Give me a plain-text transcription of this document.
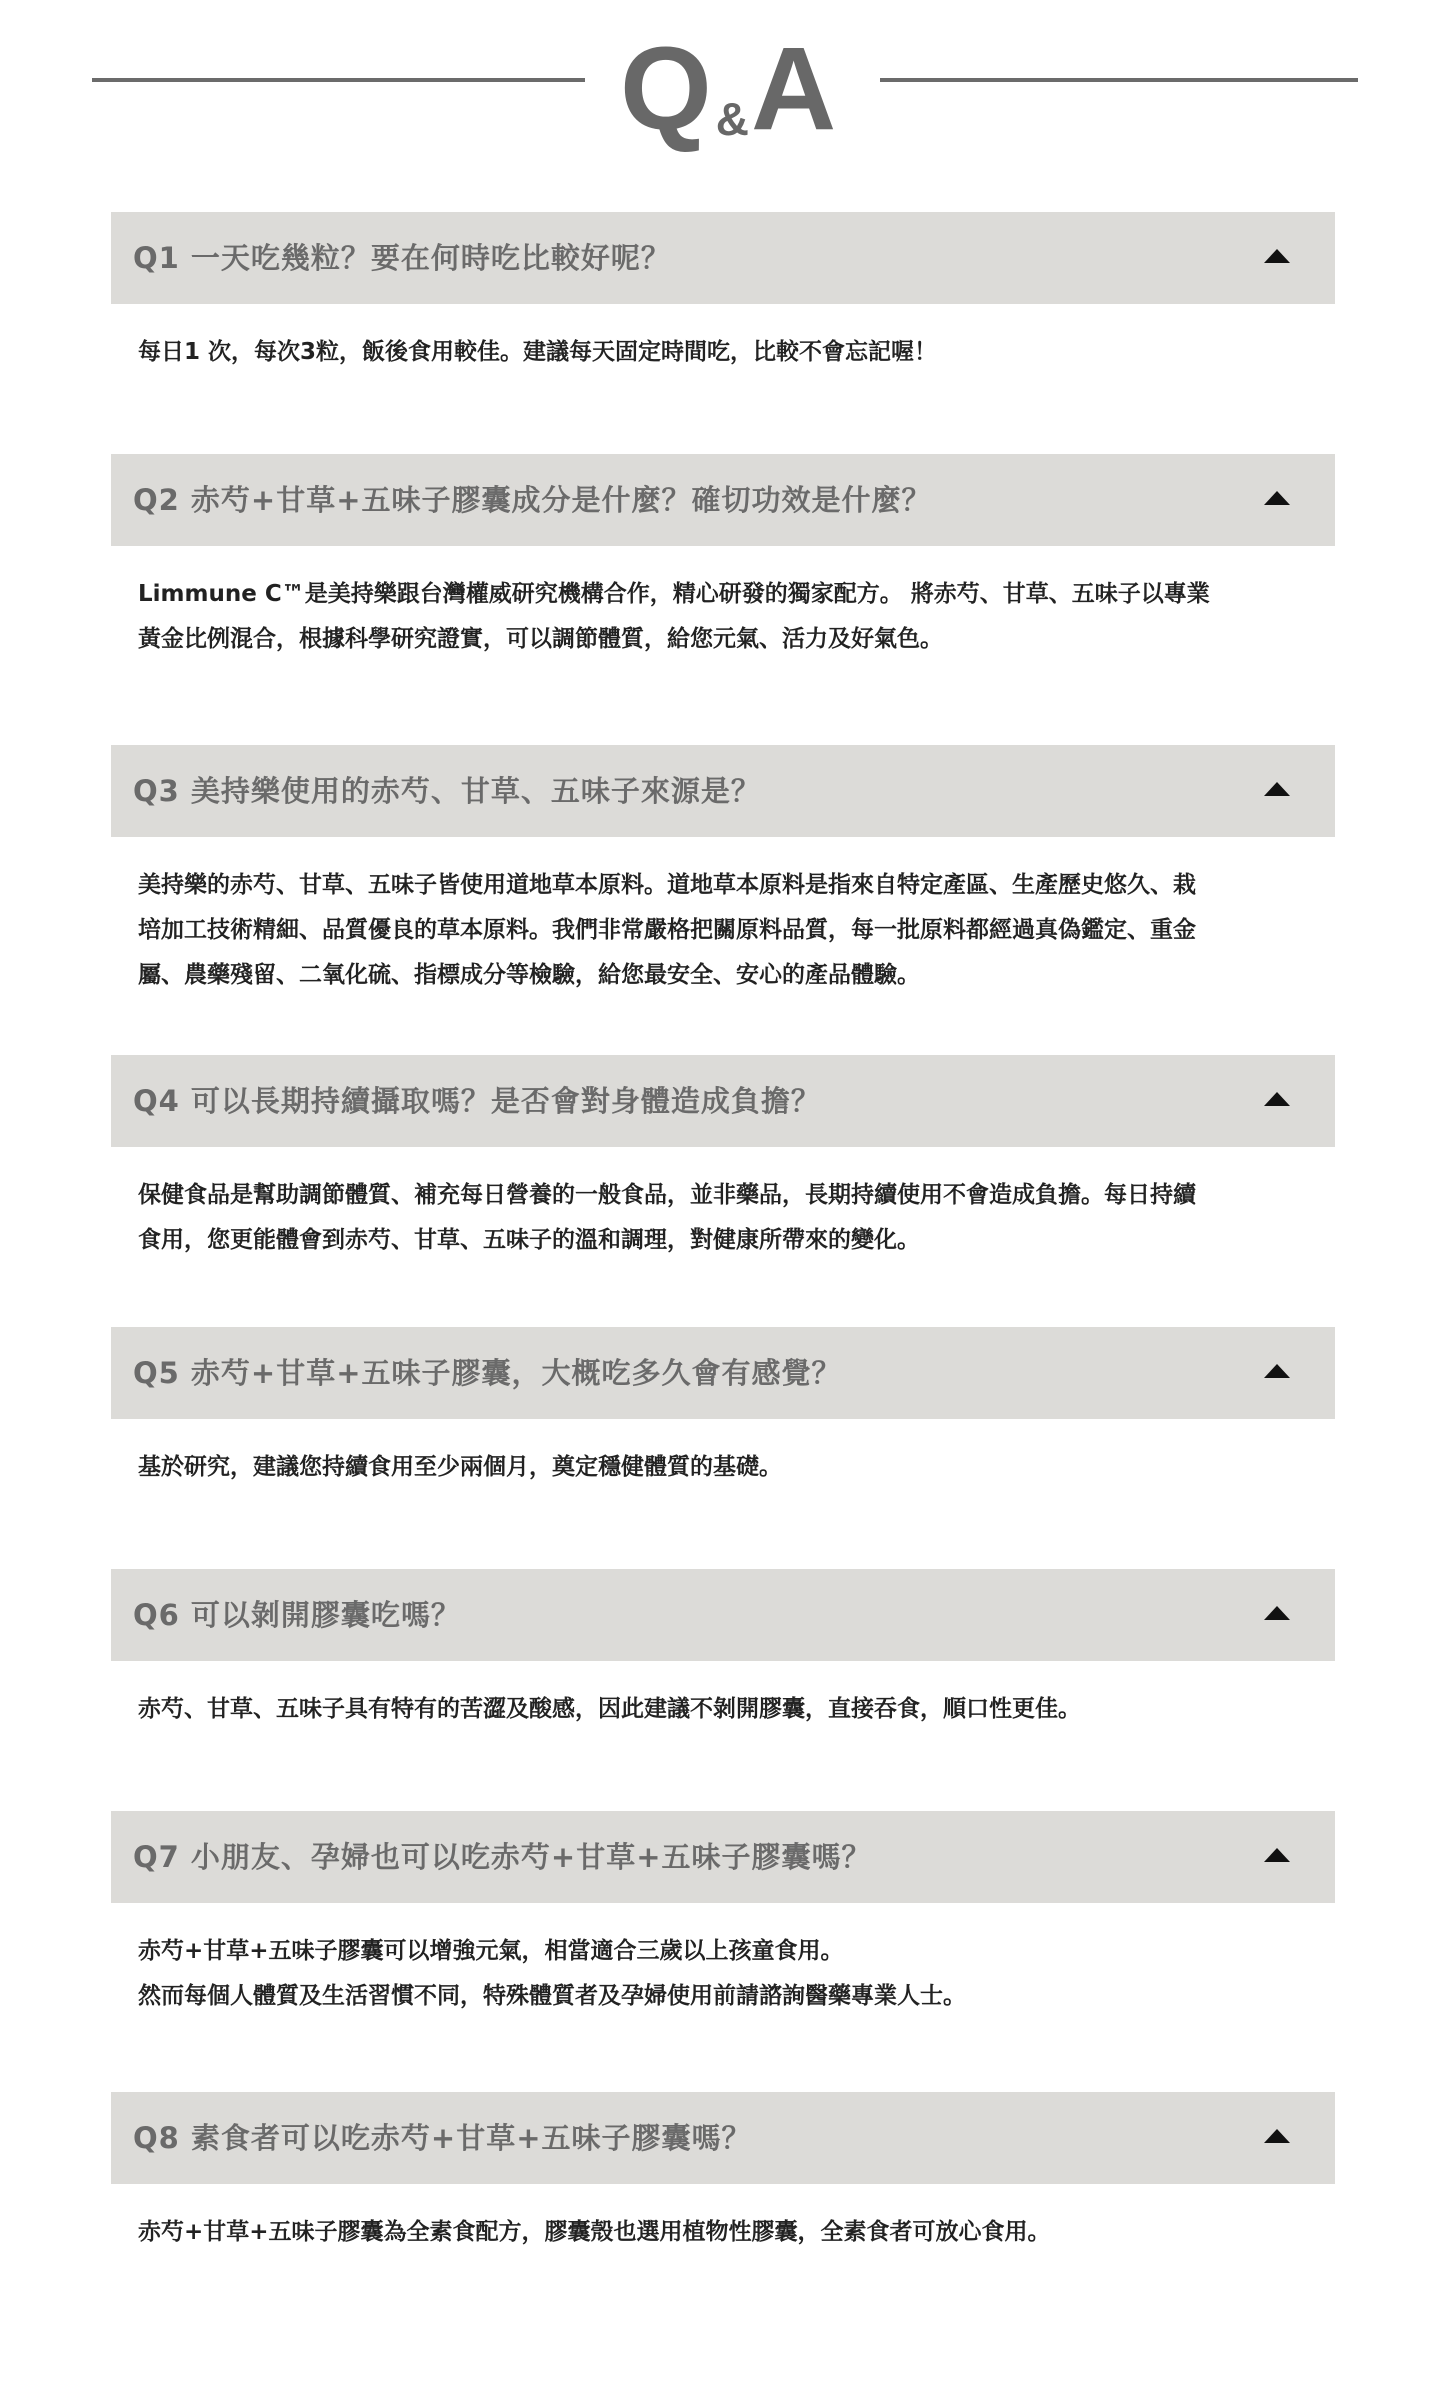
Q & A
Q1 一天吃幾粒？要在何時吃比較好呢？
每日1 次，每次3粒，飯後食用較佳。建議每天固定時間吃，比較不會忘記喔！
Q2 赤芍+甘草+五味子膠囊成分是什麼？確切功效是什麼？
Limmune C™是美持樂跟台灣權威研究機構合作，精心研發的獨家配方。 將赤芍、甘草、五味子以專業
黃金比例混合，根據科學研究證實，可以調節體質，給您元氣、活力及好氣色。
Q3 美持樂使用的赤芍、甘草、五味子來源是？
美持樂的赤芍、甘草、五味子皆使用道地草本原料。道地草本原料是指來自特定產區、生產歷史悠久、栽
培加工技術精細、品質優良的草本原料。我們非常嚴格把關原料品質，每一批原料都經過真偽鑑定、重金
屬、農藥殘留、二氧化硫、指標成分等檢驗，給您最安全、安心的產品體驗。
Q4 可以長期持續攝取嗎？是否會對身體造成負擔？
保健食品是幫助調節體質、補充每日營養的一般食品，並非藥品，長期持續使用不會造成負擔。每日持續
食用，您更能體會到赤芍、甘草、五味子的溫和調理，對健康所帶來的變化。
Q5 赤芍+甘草+五味子膠囊，大概吃多久會有感覺？
基於研究，建議您持續食用至少兩個月，奠定穩健體質的基礎。
Q6 可以剝開膠囊吃嗎？
赤芍、甘草、五味子具有特有的苦澀及酸感，因此建議不剝開膠囊，直接吞食，順口性更佳。
Q7 小朋友、孕婦也可以吃赤芍+甘草+五味子膠囊嗎？
赤芍+甘草+五味子膠囊可以增強元氣，相當適合三歲以上孩童食用。
然而每個人體質及生活習慣不同，特殊體質者及孕婦使用前請諮詢醫藥專業人士。
Q8 素食者可以吃赤芍+甘草+五味子膠囊嗎？
赤芍+甘草+五味子膠囊為全素食配方，膠囊殼也選用植物性膠囊，全素食者可放心食用。
